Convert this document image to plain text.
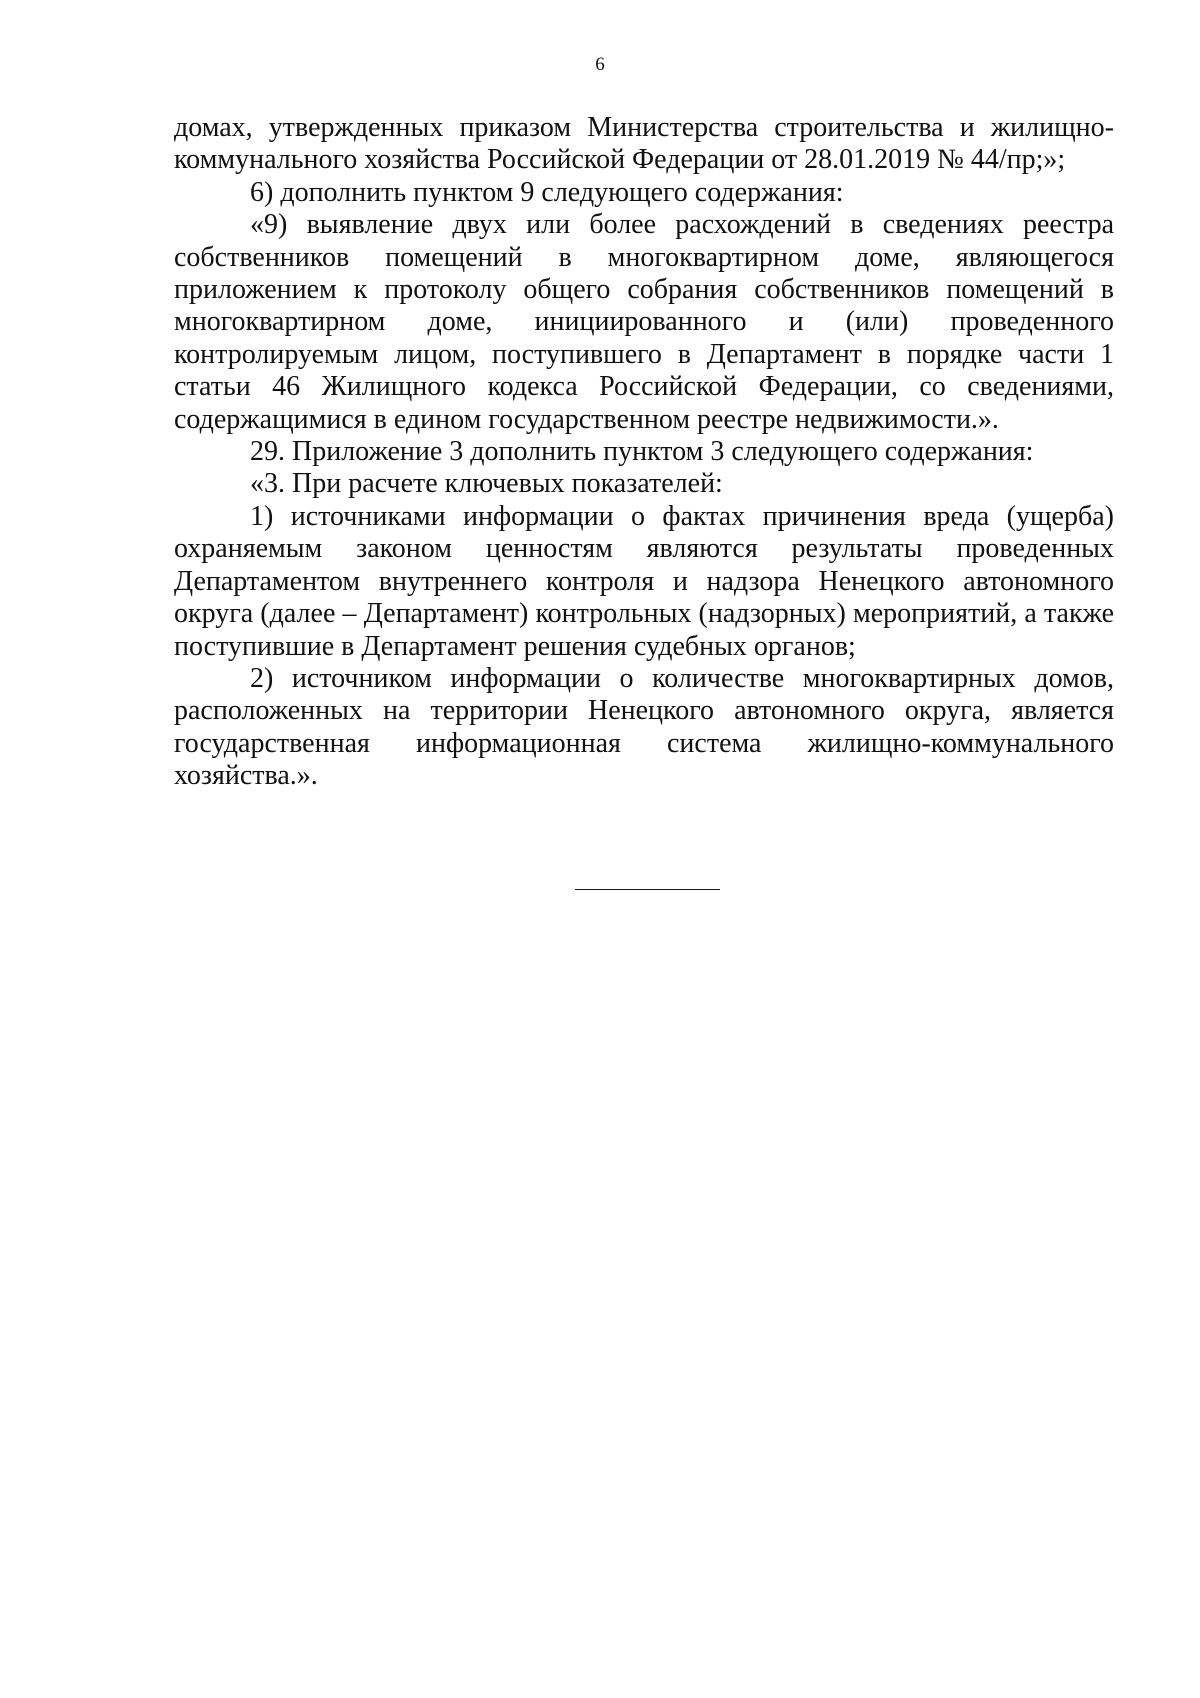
6

домах, утвержденных приказом Министерства строительства и жилищно-коммунального хозяйства Российской Федерации от 28.01.2019 № 44/пр;»;

6) дополнить пунктом 9 следующего содержания:

«9) выявление двух или более расхождений в сведениях реестра собственников помещений в многоквартирном доме, являющегося приложением к протоколу общего собрания собственников помещений в многоквартирном доме, инициированного и (или) проведенного контролируемым лицом, поступившего в Департамент в порядке части 1 статьи 46 Жилищного кодекса Российской Федерации, со сведениями, содержащимися в едином государственном реестре недвижимости.».

29. Приложение 3 дополнить пунктом 3 следующего содержания:

«3. При расчете ключевых показателей:

1) источниками информации о фактах причинения вреда (ущерба) охраняемым законом ценностям являются результаты проведенных Департаментом внутреннего контроля и надзора Ненецкого автономного округа (далее – Департамент) контрольных (надзорных) мероприятий, а также поступившие в Департамент решения судебных органов;

2) источником информации о количестве многоквартирных домов, расположенных на территории Ненецкого автономного округа, является государственная информационная система жилищно-коммунального хозяйства.».
